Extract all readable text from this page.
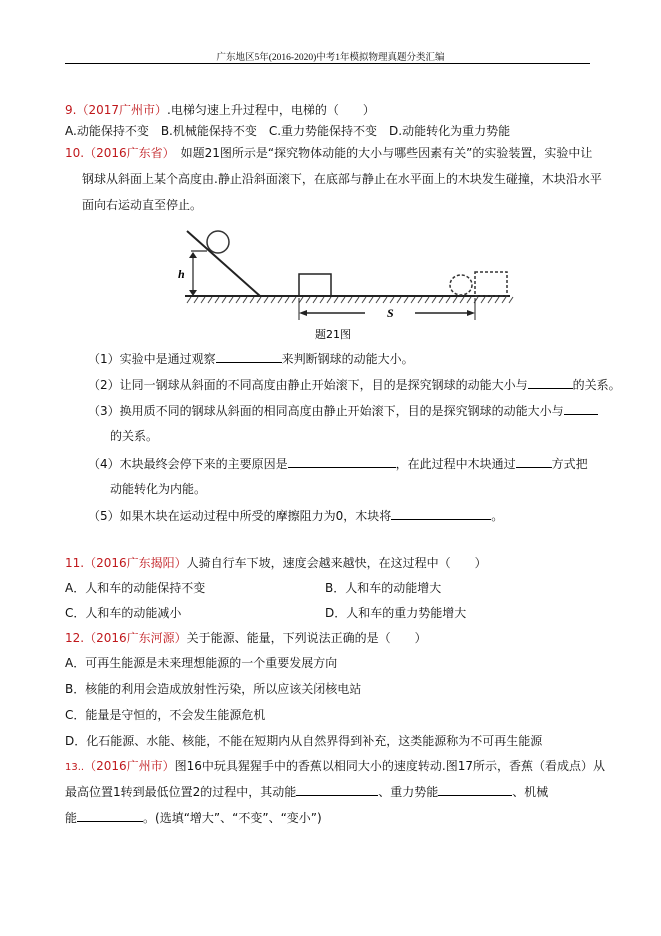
广东地区5年(2016-2020)中考1年模拟物理真题分类汇编
9.（2017广州市）.电梯匀速上升过程中，电梯的（　　）
A.动能保持不变　B.机械能保持不变　C.重力势能保持不变　D.动能转化为重力势能
10.（2016广东省）　如题21图所示是“探究物体动能的大小与哪些因素有关”的实验装置，实验中让
钢球从斜面上某个高度由.静止沿斜面滚下，在底部与静止在水平面上的木块发生碰撞，木块沿水平
面向右运动直至停止。
h
S
题21图
（1）实验中是通过观察	来判断钢球的动能大小。
（2）让同一钢球从斜面的不同高度由静止开始滚下，目的是探究钢球的动能大小与	的关系。
（3）换用质不同的钢球从斜面的相同高度由静止开始滚下，目的是探究钢球的动能大小与
的关系。
（4）木块最终会停下来的主要原因是	，在此过程中木块通过	方式把
动能转化为内能。
（5）如果木块在运动过程中所受的摩擦阻力为0，木块将	。
11.（2016广东揭阳）人骑自行车下坡，速度会越来越快，在这过程中（　　）
A．人和车的动能保持不变	B．人和车的动能增大
C．人和车的动能减小	D．人和车的重力势能增大
12.（2016广东河源）关于能源、能量，下列说法正确的是（　　）
A．可再生能源是未来理想能源的一个重要发展方向
B．核能的利用会造成放射性污染，所以应该关闭核电站
C．能量是守恒的，不会发生能源危机
D．化石能源、水能、核能，不能在短期内从自然界得到补充，这类能源称为不可再生能源
13..（2016广州市）图16中玩具猩猩手中的香蕉以相同大小的速度转动.图17所示，香蕉（看成点）从
最高位置1转到最低位置2的过程中，其动能	、重力势能	、机械
能	。(选填“增大”、“不变”、“变小”)
